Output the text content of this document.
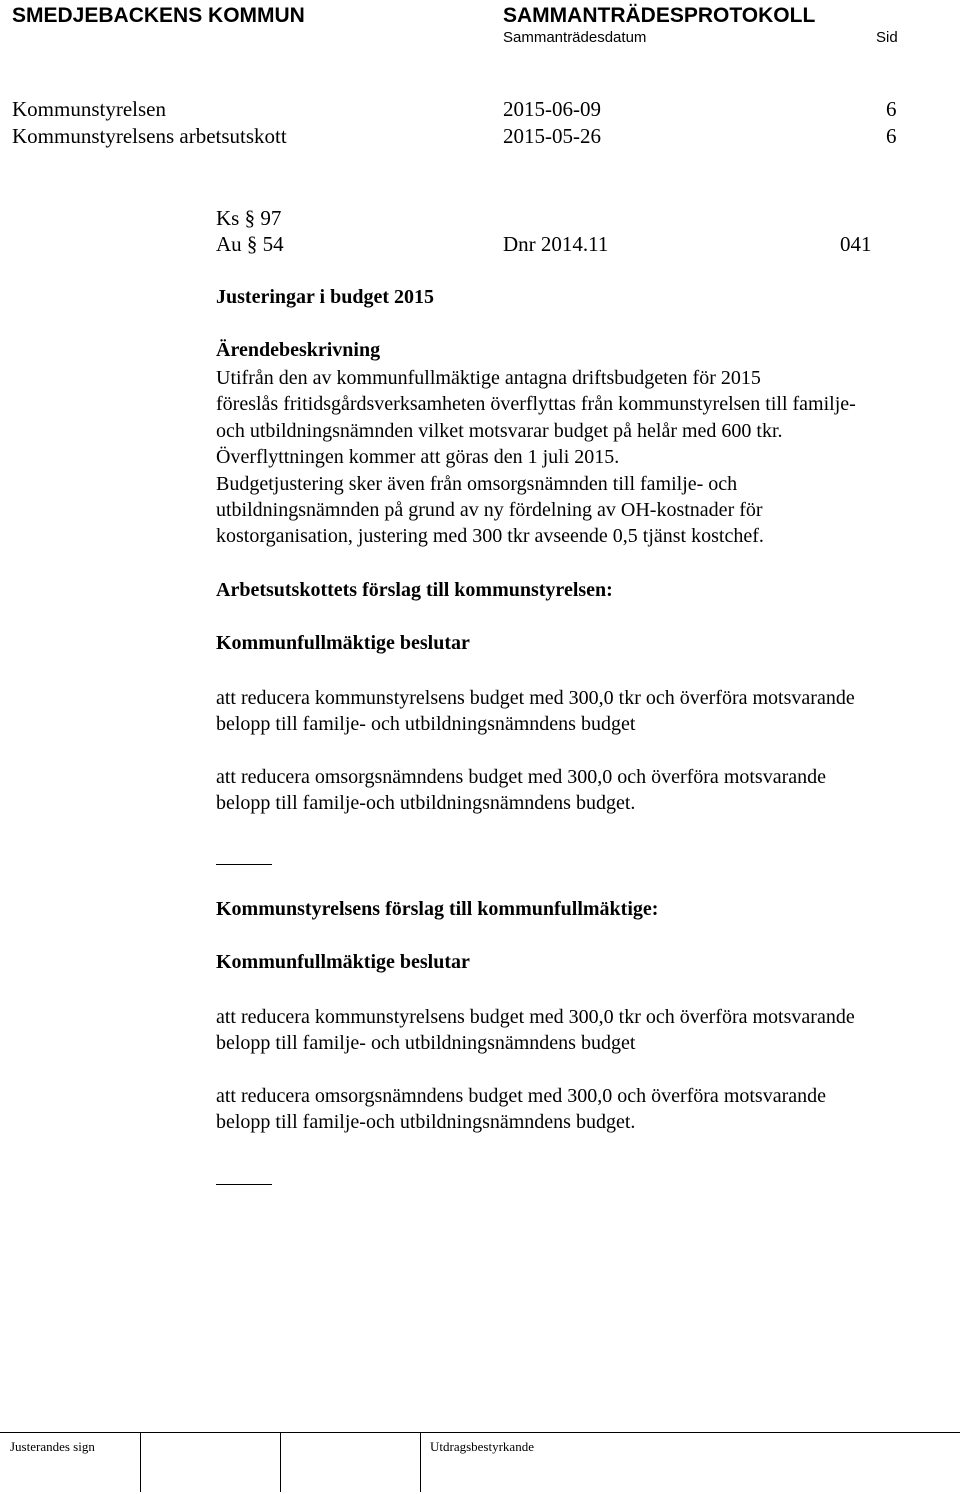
SMEDJEBACKENS KOMMUN	SAMMANTRÄDESPROTOKOLL
Sammanträdesdatum	Sid
Kommunstyrelsen	2015-06-09	6
Kommunstyrelsens arbetsutskott	2015-05-26	6
Ks § 97
Au § 54	Dnr 2014.11	041
Justeringar i budget 2015
Ärendebeskrivning

Utifrån den av kommunfullmäktige antagna driftsbudgeten för 2015

föreslås fritidsgårdsverksamheten överflyttas från kommunstyrelsen till familje-

och utbildningsnämnden vilket motsvarar budget på helår med 600 tkr.

Överflyttningen kommer att göras den 1 juli 2015.

Budgetjustering sker även från omsorgsnämnden till familje- och

utbildningsnämnden på grund av ny fördelning av OH-kostnader för

kostorganisation, justering med 300 tkr avseende 0,5 tjänst kostchef.

Arbetsutskottets förslag till kommunstyrelsen:
Kommunfullmäktige beslutar

att reducera kommunstyrelsens budget med 300,0 tkr och överföra motsvarande

belopp till familje- och utbildningsnämndens budget

att reducera omsorgsnämndens budget med 300,0 och överföra motsvarande

belopp till familje-och utbildningsnämndens budget.

Kommunstyrelsens förslag till kommunfullmäktige:
Kommunfullmäktige beslutar

att reducera kommunstyrelsens budget med 300,0 tkr och överföra motsvarande

belopp till familje- och utbildningsnämndens budget

att reducera omsorgsnämndens budget med 300,0 och överföra motsvarande

belopp till familje-och utbildningsnämndens budget.

Justerandes sign	Utdragsbestyrkande
